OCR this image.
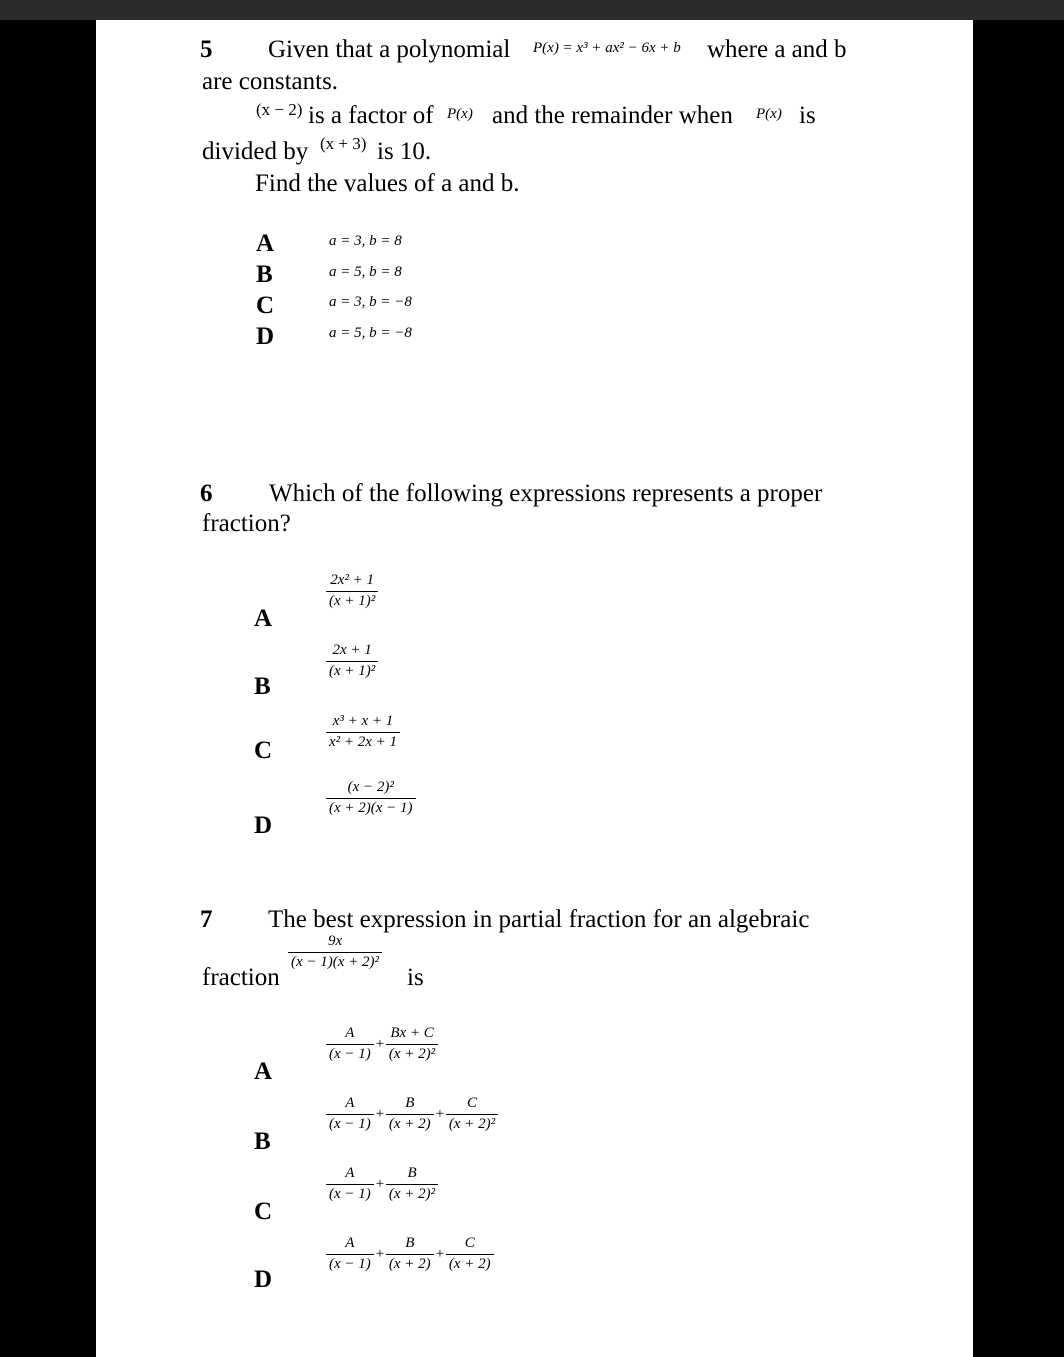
5 Given that a polynomial P(x) = x³ + ax² − 6x + b where a and b
are constants.
(x − 2) is a factor of P(x) and the remainder when P(x) is
divided by (x + 3) is 10.
Find the values of a and b.
A	a = 3, b = 8
B	a = 5, b = 8
C	a = 3, b = −8
D	a = 5, b = −8
6 Which of the following expressions represents a proper
fraction?
A
$\frac{\text{2x² + 1}}{\text{(x + 1)²}}$
B
$\frac{2x + 1}{\text{(x + 1)²}}$
C	$\frac{\text{x³ + x + 1}}{\text{x² + 2x + 1}}$
D
$\frac{\text{(x − 2)²}}{(x + 2)(x - 1)}$
7 The best expression in partial fraction for an algebraic
fraction
$\frac{9x}{\text{(x − 1)(x + 2)²}}$
is
A
$\frac{A}{(x - 1)} + \frac{Bx + C}{\text{(x + 2)²}}$
B
$\frac{A}{(x - 1)} + \frac{B}{(x + 2)} + \frac{C}{\text{(x + 2)²}}$
C
$\frac{A}{(x - 1)} + \frac{B}{\text{(x + 2)²}}$
D
$\frac{A}{(x - 1)} + \frac{B}{(x + 2)} + \frac{C}{(x + 2)}$
